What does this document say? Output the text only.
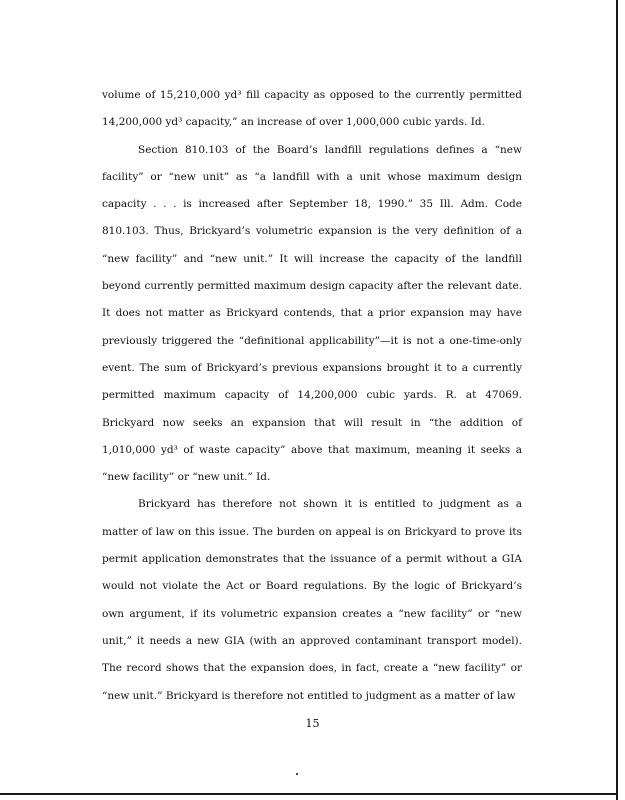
volume of 15,210,000 yd³ fill capacity as opposed to the currently permitted 14,200,000 yd³ capacity,” an increase of over 1,000,000 cubic yards. Id.

Section 810.103 of the Board’s landfill regulations defines a “new facility” or “new unit” as “a landfill with a unit whose maximum design capacity . . . is increased after September 18, 1990.” 35 Ill. Adm. Code 810.103. Thus, Brickyard’s volumetric expansion is the very definition of a “new facility” and “new unit.” It will increase the capacity of the landfill beyond currently permitted maximum design capacity after the relevant date. It does not matter as Brickyard contends, that a prior expansion may have previously triggered the “definitional applicability”—it is not a one-time-only event. The sum of Brickyard’s previous expansions brought it to a currently permitted maximum capacity of 14,200,000 cubic yards. R. at 47069. Brickyard now seeks an expansion that will result in “the addition of 1,010,000 yd³ of waste capacity” above that maximum, meaning it seeks a “new facility” or “new unit.” Id.

Brickyard has therefore not shown it is entitled to judgment as a matter of law on this issue. The burden on appeal is on Brickyard to prove its permit application demonstrates that the issuance of a permit without a GIA would not violate the Act or Board regulations. By the logic of Brickyard’s own argument, if its volumetric expansion creates a “new facility” or “new unit,” it needs a new GIA (with an approved contaminant transport model). The record shows that the expansion does, in fact, create a “new facility” or “new unit.” Brickyard is therefore not entitled to judgment as a matter of law

15
